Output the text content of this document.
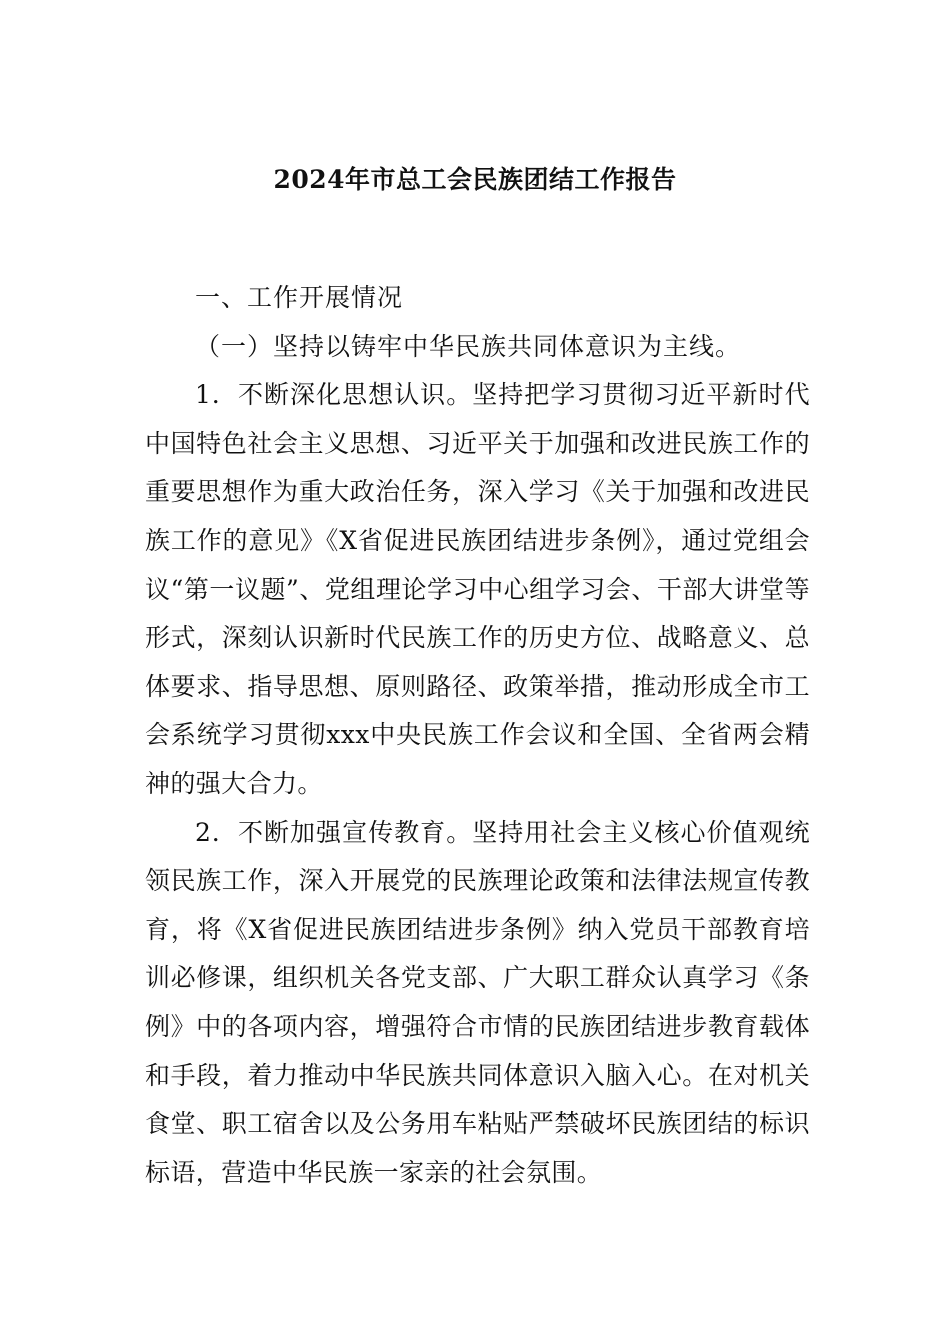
2024年市总工会民族团结工作报告

一、工作开展情况

（一）坚持以铸牢中华民族共同体意识为主线。

1．不断深化思想认识。坚持把学习贯彻习近平新时代中国特色社会主义思想、习近平关于加强和改进民族工作的重要思想作为重大政治任务，深入学习《关于加强和改进民族工作的意见》《X省促进民族团结进步条例》，通过党组会议“第一议题”、党组理论学习中心组学习会、干部大讲堂等形式，深刻认识新时代民族工作的历史方位、战略意义、总体要求、指导思想、原则路径、政策举措，推动形成全市工会系统学习贯彻xxx中央民族工作会议和全国、全省两会精神的强大合力。

2．不断加强宣传教育。坚持用社会主义核心价值观统领民族工作，深入开展党的民族理论政策和法律法规宣传教育，将《X省促进民族团结进步条例》纳入党员干部教育培训必修课，组织机关各党支部、广大职工群众认真学习《条例》中的各项内容，增强符合市情的民族团结进步教育载体和手段，着力推动中华民族共同体意识入脑入心。在对机关食堂、职工宿舍以及公务用车粘贴严禁破坏民族团结的标识标语，营造中华民族一家亲的社会氛围。
